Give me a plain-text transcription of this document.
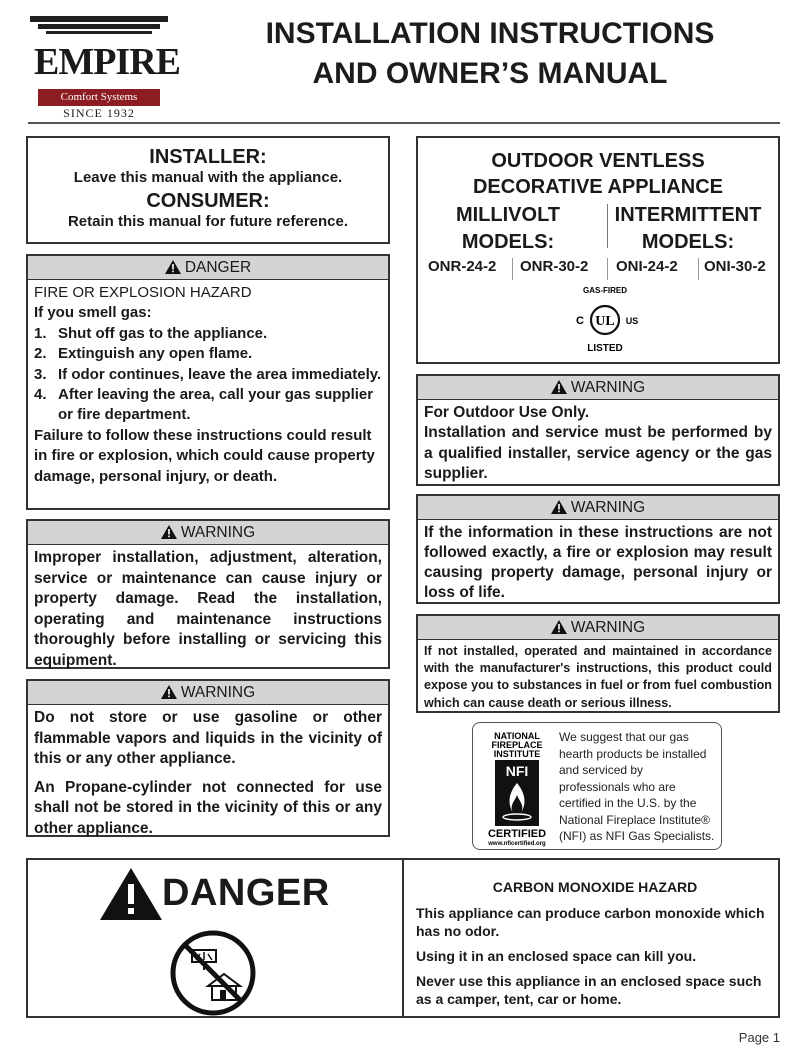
EMPIRE
Comfort Systems
SINCE 1932
INSTALLATION INSTRUCTIONS
AND OWNER’S MANUAL
INSTALLER:
Leave this manual with the appliance.
CONSUMER:
Retain this manual for future reference.
DANGER
FIRE OR EXPLOSION HAZARD
If you smell gas:
1. Shut off gas to the appliance.
2. Extinguish any open flame.
3. If odor continues, leave the area immediately.
4. After leaving the area, call your gas supplier or fire department.
Failure to follow these instructions could result in fire or explosion, which could cause property damage, personal injury, or death.
WARNING
Improper installation, adjustment, alteration, service or maintenance can cause injury or property damage. Read the installation, operating and maintenance instructions thoroughly before installing or servicing this equipment.
WARNING

Do not store or use gasoline or other flammable vapors and liquids in the vicinity of this or any other appliance.

An Propane-cylinder not connected for use shall not be stored in the vicinity of this or any other appliance.

OUTDOOR VENTLESS
DECORATIVE APPLIANCE
MILLIVOLT
MODELS:
INTERMITTENT
MODELS:
ONR-24-2 ONR-30-2 ONI-24-2 ONI-30-2
GAS-FIRED
UL
C	US
LISTED
WARNING
For Outdoor Use Only.
Installation and service must be performed by a qualified installer, service agency or the gas supplier.
WARNING
If the information in these instructions are not followed exactly, a fire or explosion may result causing property damage, personal injury or loss of life.
WARNING
If not installed, operated and maintained in accordance with the manufacturer's instructions, this product could expose you to substances in fuel or from fuel combustion which can cause death or serious illness.
NATIONAL
FIREPLACE
INSTITUTE
NFI
CERTIFIED
www.nficertified.org
We suggest that our gas hearth products be installed and serviced by professionals who are certified in the U.S. by the National Fireplace Institute® (NFI) as NFI Gas Specialists.
DANGER	CARBON MONOXIDE HAZARD

This appliance can produce carbon monoxide which has no odor.

Using it in an enclosed space can kill you.

Never use this appliance in an enclosed space such as a camper, tent, car or home.

Page 1
